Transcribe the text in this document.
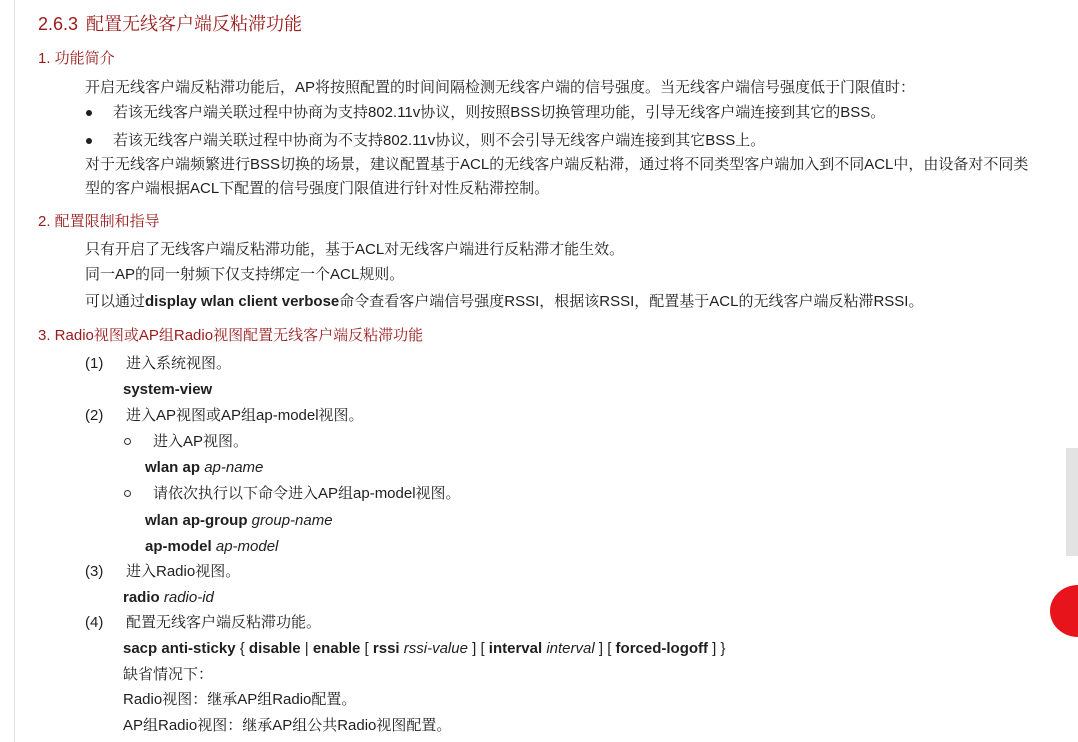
2.6.3 配置无线客户端反粘滞功能
1. 功能简介
开启无线客户端反粘滞功能后，AP将按照配置的时间间隔检测无线客户端的信号强度。当无线客户端信号强度低于门限值时：
若该无线客户端关联过程中协商为支持802.11v协议，则按照BSS切换管理功能，引导无线客户端连接到其它的BSS。
若该无线客户端关联过程中协商为不支持802.11v协议，则不会引导无线客户端连接到其它BSS上。
对于无线客户端频繁进行BSS切换的场景，建议配置基于ACL的无线客户端反粘滞，通过将不同类型客户端加入到不同ACL中，由设备对不同类
型的客户端根据ACL下配置的信号强度门限值进行针对性反粘滞控制。
2. 配置限制和指导
只有开启了无线客户端反粘滞功能，基于ACL对无线客户端进行反粘滞才能生效。
同一AP的同一射频下仅支持绑定一个ACL规则。
可以通过display wlan client verbose命令查看客户端信号强度RSSI，根据该RSSI，配置基于ACL的无线客户端反粘滞RSSI。
3. Radio视图或AP组Radio视图配置无线客户端反粘滞功能
(1) 进入系统视图。
system-view
(2) 进入AP视图或AP组ap-model视图。
进入AP视图。
wlan ap ap-name
请依次执行以下命令进入AP组ap-model视图。
wlan ap-group group-name
ap-model ap-model
(3) 进入Radio视图。
radio radio-id
(4) 配置无线客户端反粘滞功能。
sacp anti-sticky { disable | enable [ rssi rssi-value ] [ interval interval ] [ forced-logoff ] }
缺省情况下：
Radio视图：继承AP组Radio配置。
AP组Radio视图：继承AP组公共Radio视图配置。
